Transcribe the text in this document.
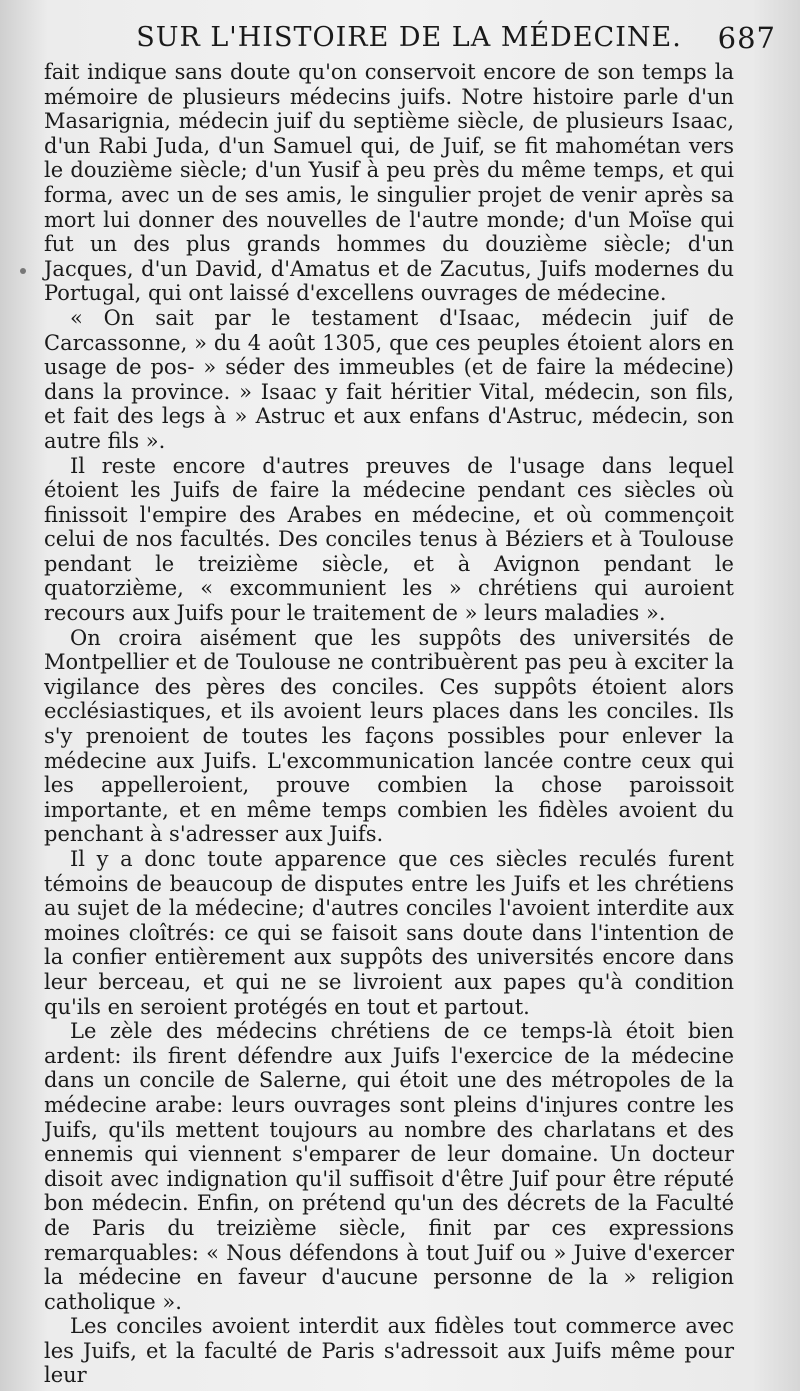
SUR L'HISTOIRE DE LA MÉDECINE. 687

fait indique sans doute qu'on conservoit encore de son temps la mémoire de plusieurs médecins juifs. Notre histoire parle d'un Masarignia, médecin juif du septième siècle, de plusieurs Isaac, d'un Rabi Juda, d'un Samuel qui, de Juif, se fit mahométan vers le douzième siècle; d'un Yusif à peu près du même temps, et qui forma, avec un de ses amis, le singulier projet de venir après sa mort lui donner des nouvelles de l'autre monde; d'un Moïse qui fut un des plus grands hommes du douzième siècle; d'un Jacques, d'un David, d'Amatus et de Zacutus, Juifs modernes du Portugal, qui ont laissé d'excellens ouvrages de médecine.

« On sait par le testament d'Isaac, médecin juif de Carcassonne, » du 4 août 1305, que ces peuples étoient alors en usage de pos- » séder des immeubles (et de faire la médecine) dans la province. » Isaac y fait héritier Vital, médecin, son fils, et fait des legs à » Astruc et aux enfans d'Astruc, médecin, son autre fils ».

Il reste encore d'autres preuves de l'usage dans lequel étoient les Juifs de faire la médecine pendant ces siècles où finissoit l'empire des Arabes en médecine, et où commençoit celui de nos facultés. Des conciles tenus à Béziers et à Toulouse pendant le treizième siècle, et à Avignon pendant le quatorzième, « excommunient les » chrétiens qui auroient recours aux Juifs pour le traitement de » leurs maladies ».

On croira aisément que les suppôts des universités de Montpellier et de Toulouse ne contribuèrent pas peu à exciter la vigilance des pères des conciles. Ces suppôts étoient alors ecclésiastiques, et ils avoient leurs places dans les conciles. Ils s'y prenoient de toutes les façons possibles pour enlever la médecine aux Juifs. L'excommunication lancée contre ceux qui les appelleroient, prouve combien la chose paroissoit importante, et en même temps combien les fidèles avoient du penchant à s'adresser aux Juifs.

Il y a donc toute apparence que ces siècles reculés furent témoins de beaucoup de disputes entre les Juifs et les chrétiens au sujet de la médecine; d'autres conciles l'avoient interdite aux moines cloîtrés: ce qui se faisoit sans doute dans l'intention de la confier entièrement aux suppôts des universités encore dans leur berceau, et qui ne se livroient aux papes qu'à condition qu'ils en seroient protégés en tout et partout.

Le zèle des médecins chrétiens de ce temps-là étoit bien ardent: ils firent défendre aux Juifs l'exercice de la médecine dans un concile de Salerne, qui étoit une des métropoles de la médecine arabe: leurs ouvrages sont pleins d'injures contre les Juifs, qu'ils mettent toujours au nombre des charlatans et des ennemis qui viennent s'emparer de leur domaine. Un docteur disoit avec indignation qu'il suffisoit d'être Juif pour être réputé bon médecin. Enfin, on prétend qu'un des décrets de la Faculté de Paris du treizième siècle, finit par ces expressions remarquables: « Nous défendons à tout Juif ou » Juive d'exercer la médecine en faveur d'aucune personne de la » religion catholique ».

Les conciles avoient interdit aux fidèles tout commerce avec les Juifs, et la faculté de Paris s'adressoit aux Juifs même pour leur
